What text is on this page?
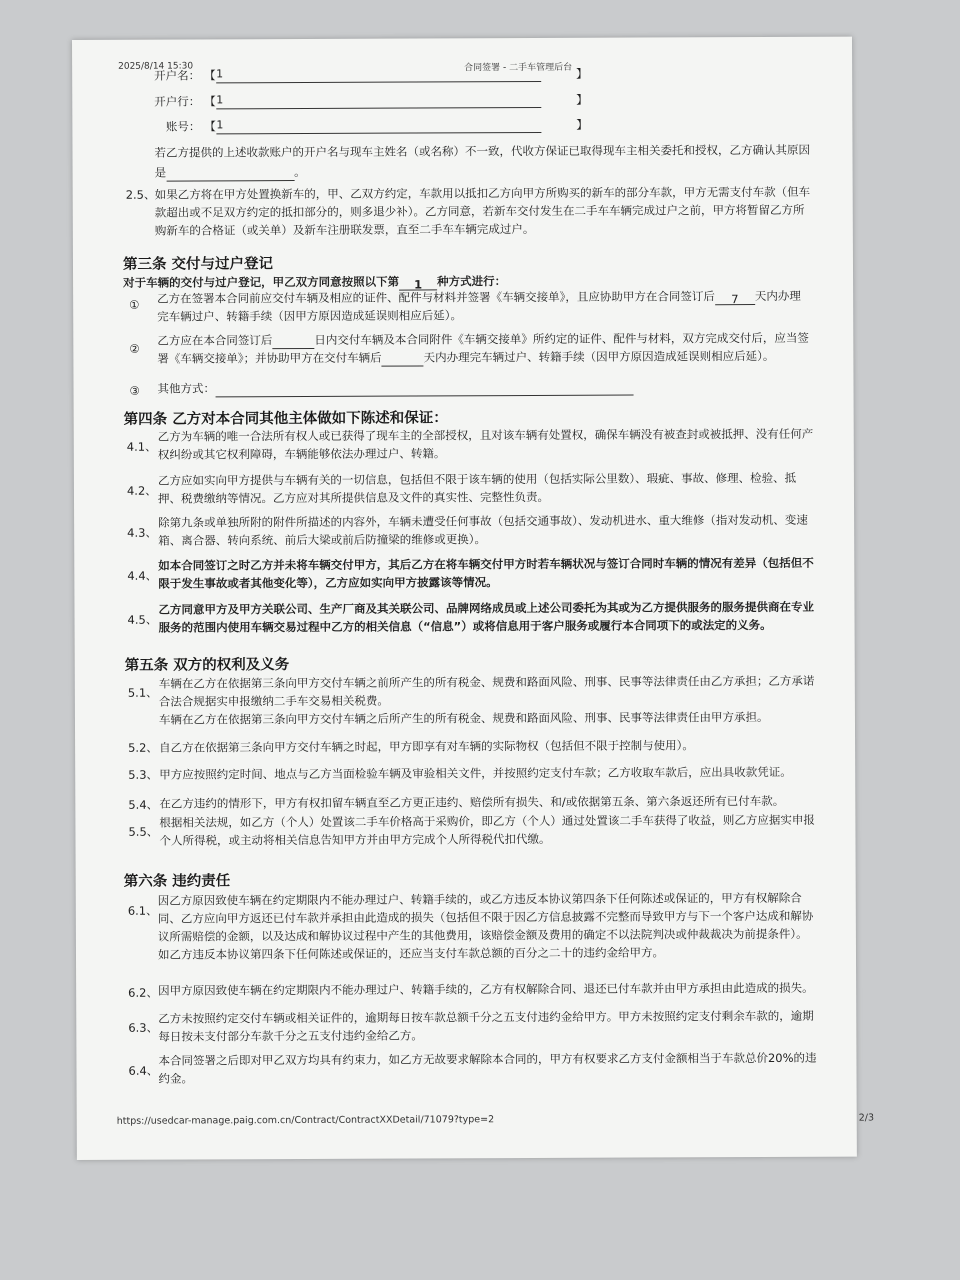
2025/8/14 15:30	合同签署 - 二手车管理后台
开户名： 【 1	】
开户行： 【 1	】
账号： 【 1	】
若乙方提供的上述收款账户的开户名与现车主姓名（或名称）不一致，代收方保证已取得现车主相关委托和授权，乙方确认其原因
是	。
2.5、 如果乙方将在甲方处置换新车的，甲、乙双方约定，车款用以抵扣乙方向甲方所购买的新车的部分车款，甲方无需支付车款（但车
款超出或不足双方约定的抵扣部分的，则多退少补）。乙方同意，若新车交付发生在二手车车辆完成过户之前，甲方将暂留乙方所
购新车的合格证（或关单）及新车注册联发票，直至二手车车辆完成过户。
第三条 交付与过户登记
对于车辆的交付与过户登记，甲乙双方同意按照以下第 1 种方式进行：
① 乙方在签署本合同前应交付车辆及相应的证件、配件与材料并签署《车辆交接单》，且应协助甲方在合同签订后 7 天内办理
完车辆过户、转籍手续（因甲方原因造成延误则相应后延）。
②
乙方应在本合同签订后	日内交付车辆及本合同附件《车辆交接单》所约定的证件、配件与材料，双方完成交付后，应当签
署《车辆交接单》；并协助甲方在交付车辆后	天内办理完车辆过户、转籍手续（因甲方原因造成延误则相应后延）。
③ 其他方式：
第四条 乙方对本合同其他主体做如下陈述和保证：
4.1、
乙方为车辆的唯一合法所有权人或已获得了现车主的全部授权，且对该车辆有处置权，确保车辆没有被查封或被抵押、没有任何产
权纠纷或其它权利障碍，车辆能够依法办理过户、转籍。
4.2、
乙方应如实向甲方提供与车辆有关的一切信息，包括但不限于该车辆的使用（包括实际公里数）、瑕疵、事故、修理、检验、抵
押、税费缴纳等情况。乙方应对其所提供信息及文件的真实性、完整性负责。
4.3、
除第九条或单独所附的附件所描述的内容外，车辆未遭受任何事故（包括交通事故）、发动机进水、重大维修（指对发动机、变速
箱、离合器、转向系统、前后大梁或前后防撞梁的维修或更换）。
4.4、
如本合同签订之时乙方并未将车辆交付甲方，其后乙方在将车辆交付甲方时若车辆状况与签订合同时车辆的情况有差异（包括但不
限于发生事故或者其他变化等），乙方应如实向甲方披露该等情况。
4.5、
乙方同意甲方及甲方关联公司、生产厂商及其关联公司、品牌网络成员或上述公司委托为其或为乙方提供服务的服务提供商在专业
服务的范围内使用车辆交易过程中乙方的相关信息（“信息”）或将信息用于客户服务或履行本合同项下的或法定的义务。
第五条 双方的权利及义务
5.1、
车辆在乙方在依据第三条向甲方交付车辆之前所产生的所有税金、规费和路面风险、刑事、民事等法律责任由乙方承担；乙方承诺
合法合规据实申报缴纳二手车交易相关税费。
车辆在乙方在依据第三条向甲方交付车辆之后所产生的所有税金、规费和路面风险、刑事、民事等法律责任由甲方承担。
5.2、 自乙方在依据第三条向甲方交付车辆之时起，甲方即享有对车辆的实际物权（包括但不限于控制与使用）。
5.3、 甲方应按照约定时间、地点与乙方当面检验车辆及审验相关文件，并按照约定支付车款；乙方收取车款后，应出具收款凭证。
5.4、 在乙方违约的情形下，甲方有权扣留车辆直至乙方更正违约、赔偿所有损失、和/或依据第五条、第六条返还所有已付车款。
5.5、
根据相关法规，如乙方（个人）处置该二手车价格高于采购价，即乙方（个人）通过处置该二手车获得了收益，则乙方应据实申报
个人所得税，或主动将相关信息告知甲方并由甲方完成个人所得税代扣代缴。
第六条 违约责任
6.1、
因乙方原因致使车辆在约定期限内不能办理过户、转籍手续的，或乙方违反本协议第四条下任何陈述或保证的，甲方有权解除合
同、乙方应向甲方返还已付车款并承担由此造成的损失（包括但不限于因乙方信息披露不完整而导致甲方与下一个客户达成和解协
议所需赔偿的金额，以及达成和解协议过程中产生的其他费用，该赔偿金额及费用的确定不以法院判决或仲裁裁决为前提条件）。
如乙方违反本协议第四条下任何陈述或保证的，还应当支付车款总额的百分之二十的违约金给甲方。
6.2、 因甲方原因致使车辆在约定期限内不能办理过户、转籍手续的，乙方有权解除合同、退还已付车款并由甲方承担由此造成的损失。
6.3、
乙方未按照约定交付车辆或相关证件的，逾期每日按车款总额千分之五支付违约金给甲方。甲方未按照约定支付剩余车款的，逾期
每日按未支付部分车款千分之五支付违约金给乙方。
6.4、
本合同签署之后即对甲乙双方均具有约束力，如乙方无故要求解除本合同的，甲方有权要求乙方支付金额相当于车款总价20%的违
约金。
https://usedcar-manage.paig.com.cn/Contract/ContractXXDetail/71079?type=2	2/3
